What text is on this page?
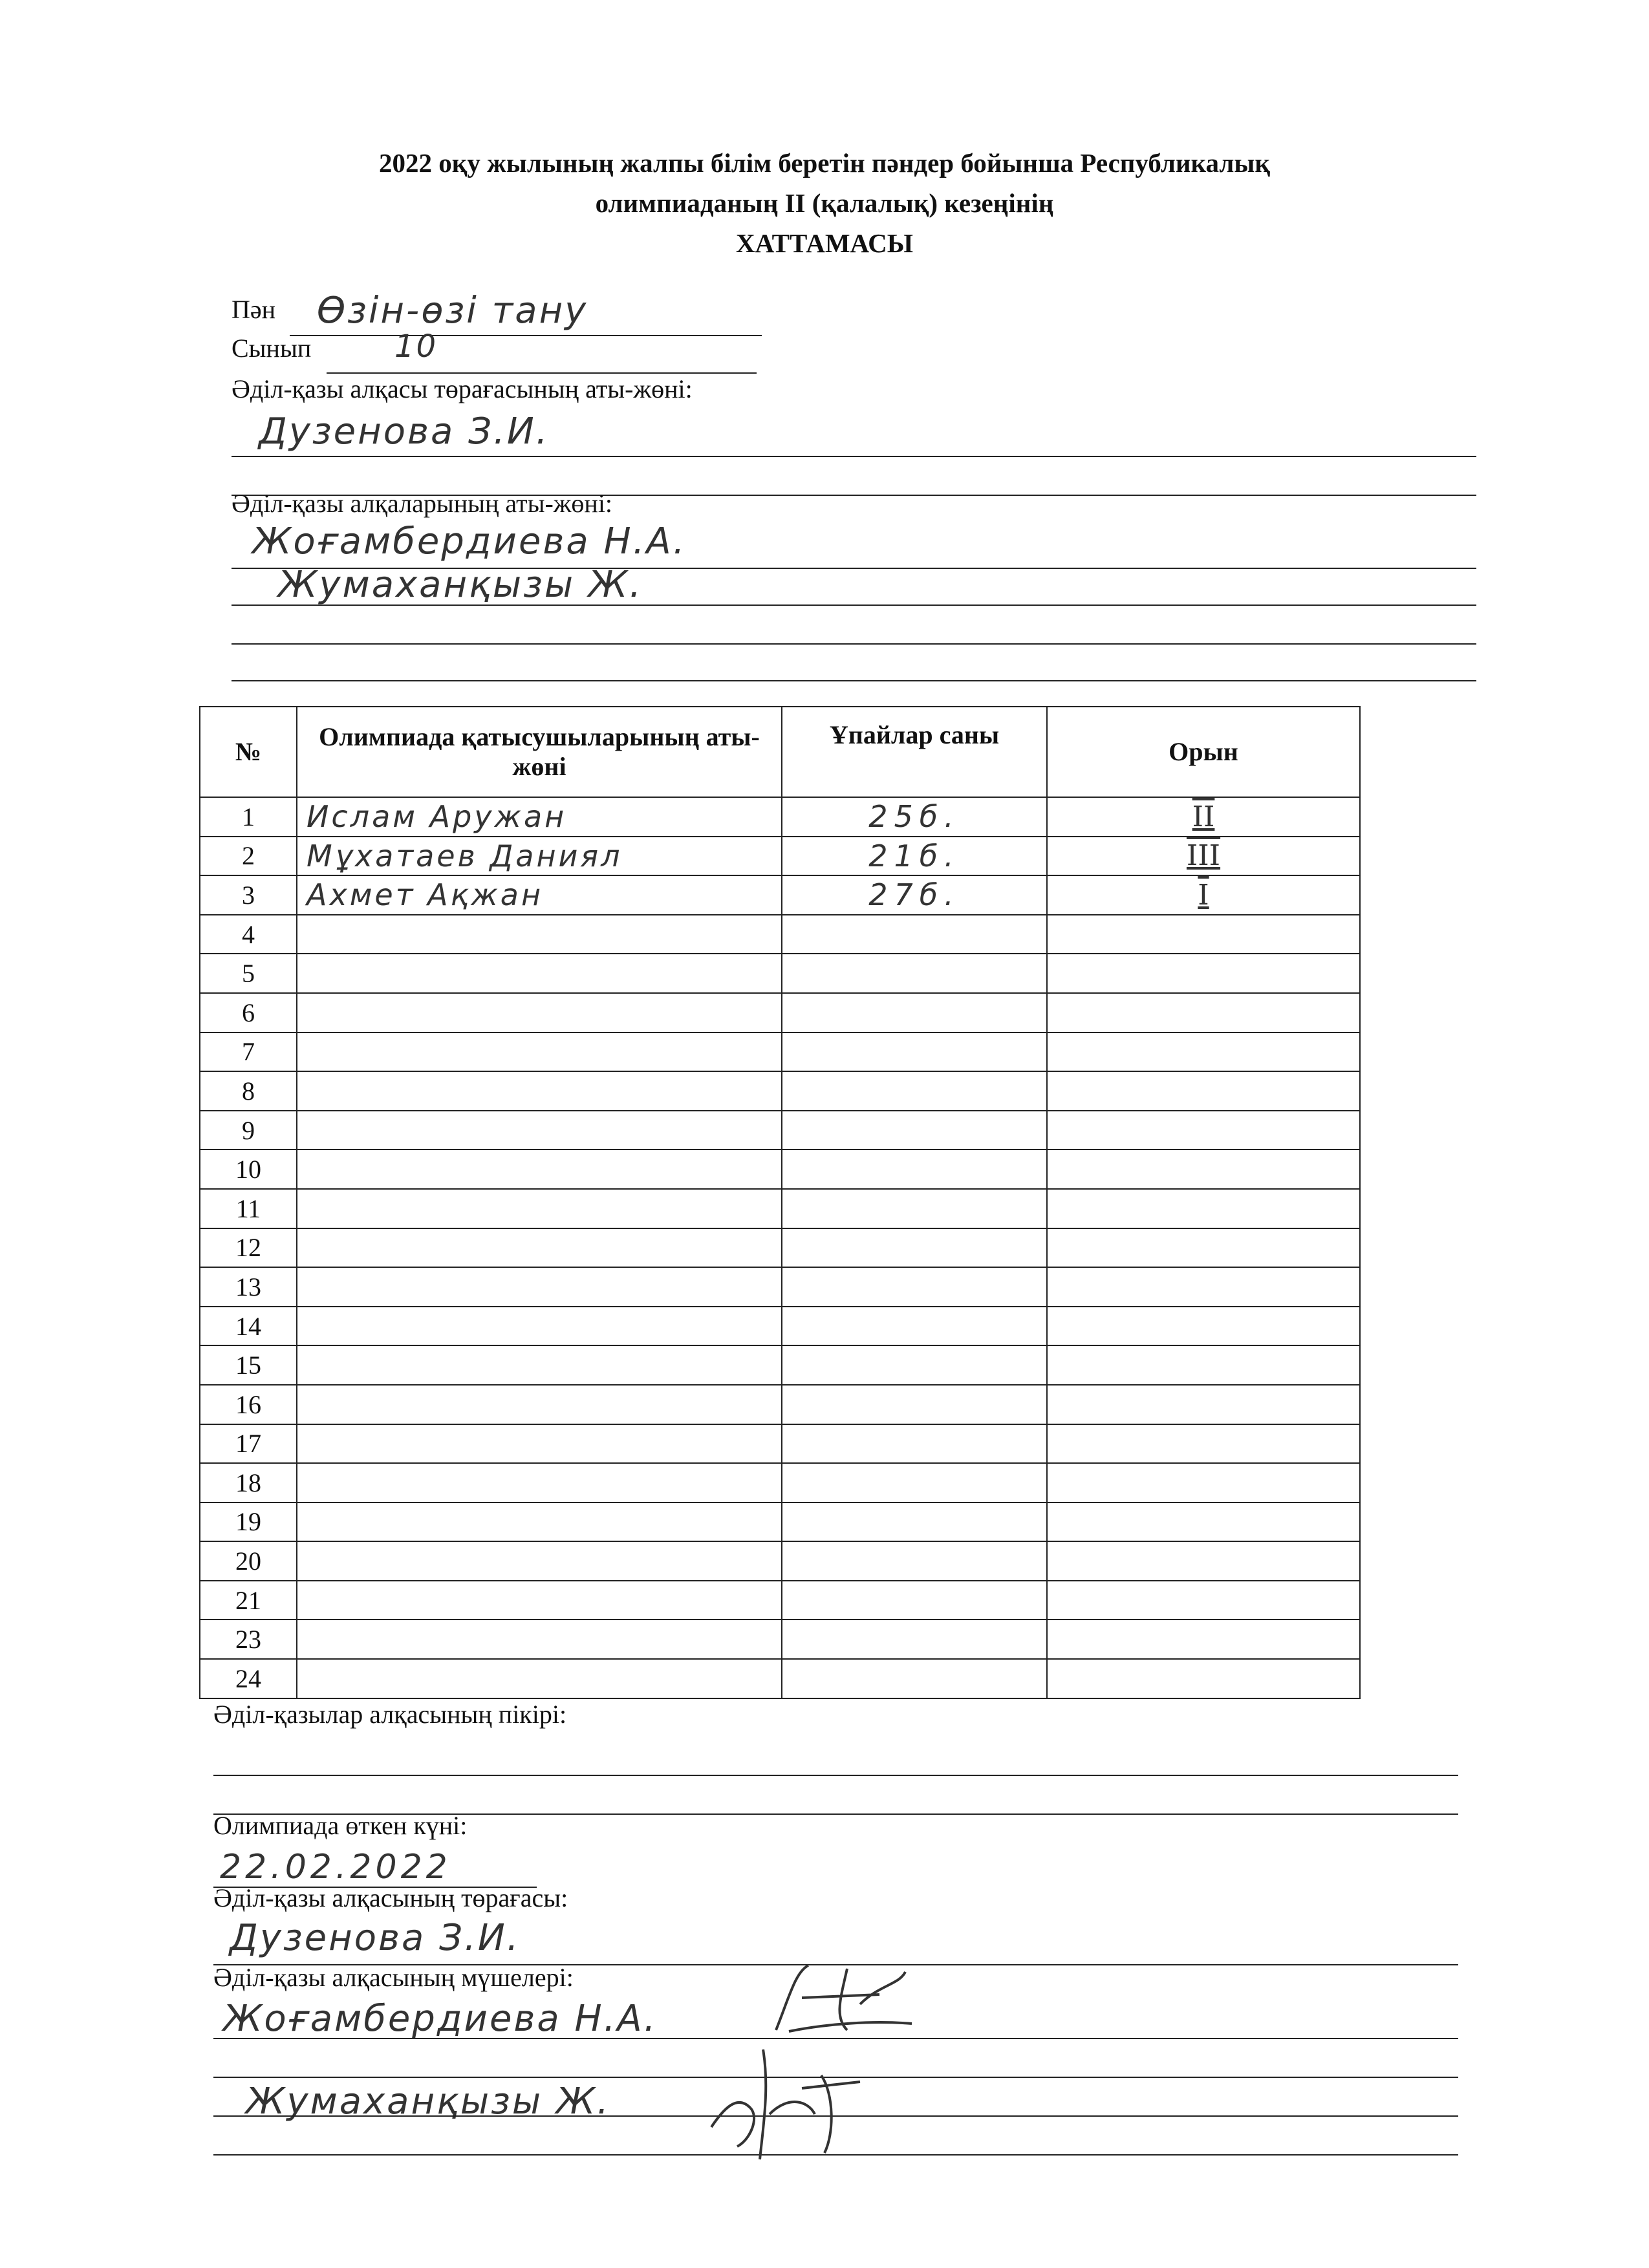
2022 оқу жылының жалпы білім беретін пәндер бойынша Республикалық
олимпиаданың II (қалалық) кезеңінің
ХАТТАМАСЫ
Пән Өзін-өзі тану
Сынып	10
Әділ-қазы алқасы төрағасының аты-жөні:
Дузенова З.И.
Әділ-қазы алқаларының аты-жөні:
Жоғамбердиева Н.А.
Жумаханқызы Ж.
№	Олимпиада қатысушыларының аты-жөні	Ұпайлар саны	Орын
1	Ислам Аружан	25б.	II
2	Мұхатаев Даниял	21б.	III
3	Ахмет Ақжан	27б.	I
4			
5			
6			
7			
8			
9			
10			
11			
12			
13			
14			
15			
16			
17			
18			
19			
20			
21			
23			
24			
Әділ-қазылар алқасының пікірі:
Олимпиада өткен күні:
22.02.2022
Әділ-қазы алқасының төрағасы:
Дузенова З.И.
Әділ-қазы алқасының мүшелері:
Жоғамбердиева Н.А.
Жумаханқызы Ж.
